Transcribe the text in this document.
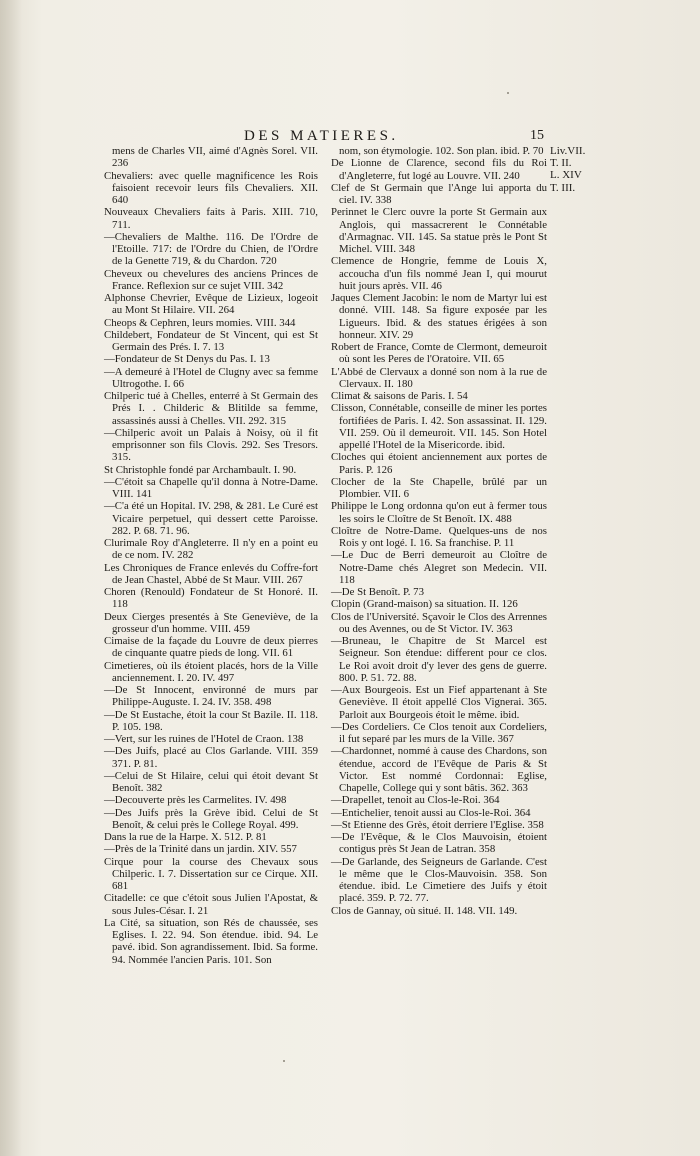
DES MATIERES.	15

mens de Charles VII, aimé d'Agnès Sorel. VII. 236

Chevaliers: avec quelle magnificence les Rois faisoient recevoir leurs fils Chevaliers. XII. 640

Nouveaux Chevaliers faits à Paris. XIII. 710, 711.

—Chevaliers de Malthe. 116. De l'Ordre de l'Etoille. 717: de l'Ordre du Chien, de l'Ordre de la Genette 719, & du Chardon. 720

Cheveux ou chevelures des anciens Princes de France. Reflexion sur ce sujet VIII. 342

Alphonse Chevrier, Evêque de Lizieux, logeoit au Mont St Hilaire. VII. 264

Cheops & Cephren, leurs momies. VIII. 344

Childebert, Fondateur de St Vincent, qui est St Germain des Prés. I. 7. 13

—Fondateur de St Denys du Pas. I. 13

—A demeuré à l'Hotel de Clugny avec sa femme Ultrogothe. I. 66

Chilperic tué à Chelles, enterré à St Germain des Prés I. . Childeric & Blitilde sa femme, assassinés aussi à Chelles. VII. 292. 315

—Chilperic avoit un Palais à Noisy, où il fit emprisonner son fils Clovis. 292. Ses Tresors. 315.

St Christophle fondé par Archambault. I. 90.

—C'étoit sa Chapelle qu'il donna à Notre-Dame. VIII. 141

—C'a été un Hopital. IV. 298, & 281. Le Curé est Vicaire perpetuel, qui dessert cette Paroisse. 282. P. 68. 71. 96.

Clurimale Roy d'Angleterre. Il n'y en a point eu de ce nom. IV. 282

Les Chroniques de France enlevés du Coffre-fort de Jean Chastel, Abbé de St Maur. VIII. 267

Choren (Renould) Fondateur de St Honoré. II. 118

Deux Cierges presentés à Ste Geneviève, de la grosseur d'un homme. VIII. 459

Cimaise de la façade du Louvre de deux pierres de cinquante quatre pieds de long. VII. 61

Cimetieres, où ils étoient placés, hors de la Ville anciennement. I. 20. IV. 497

—De St Innocent, environné de murs par Philippe-Auguste. I. 24. IV. 358. 498

—De St Eustache, étoit la cour St Bazile. II. 118. P. 105. 198.

—Vert, sur les ruines de l'Hotel de Craon. 138

—Des Juifs, placé au Clos Garlande. VIII. 359 371. P. 81.

—Celui de St Hilaire, celui qui étoit devant St Benoît. 382

—Decouverte près les Carmelites. IV. 498

—Des Juifs près la Grève ibid. Celui de St Benoît, & celui près le College Royal. 499.

Dans la rue de la Harpe. X. 512. P. 81

—Près de la Trinité dans un jardin. XIV. 557

Cirque pour la course des Chevaux sous Chilperic. I. 7. Dissertation sur ce Cirque. XII. 681

Citadelle: ce que c'étoit sous Julien l'Apostat, & sous Jules-César. I. 21

La Cité, sa situation, son Rés de chaussée, ses Eglises. I. 22. 94. Son étendue. ibid. 94. Le pavé. ibid. Son agrandissement. Ibid. Sa forme. 94. Nommée l'ancien Paris. 101. Son

nom, son étymologie. 102. Son plan. ibid. P. 70

De Lionne de Clarence, second fils du Roi d'Angleterre, fut logé au Louvre. VII. 240

Clef de St Germain que l'Ange lui apporta du ciel. IV. 338

Perinnet le Clerc ouvre la porte St Germain aux Anglois, qui massacrerent le Connétable d'Armagnac. VII. 145. Sa statue près le Pont St Michel. VIII. 348

Clemence de Hongrie, femme de Louis X, accoucha d'un fils nommé Jean I, qui mourut huit jours après. VII. 46

Jaques Clement Jacobin: le nom de Martyr lui est donné. VIII. 148. Sa figure exposée par les Ligueurs. Ibid. & des statues érigées à son honneur. XIV. 29

Robert de France, Comte de Clermont, demeuroit où sont les Peres de l'Oratoire. VII. 65

L'Abbé de Clervaux a donné son nom à la rue de Clervaux. II. 180

Climat & saisons de Paris. I. 54

Clisson, Connétable, conseille de miner les portes fortifiées de Paris. I. 42. Son assassinat. II. 129. VII. 259. Où il demeuroit. VII. 145. Son Hotel appellé l'Hotel de la Misericorde. ibid.

Cloches qui étoient anciennement aux portes de Paris. P. 126

Clocher de la Ste Chapelle, brûlé par un Plombier. VII. 6

Philippe le Long ordonna qu'on eut à fermer tous les soirs le Cloître de St Benoît. IX. 488

Cloître de Notre-Dame. Quelques-uns de nos Rois y ont logé. I. 16. Sa franchise. P. 11

—Le Duc de Berri demeuroit au Cloître de Notre-Dame chés Alegret son Medecin. VII. 118

—De St Benoît. P. 73

Clopin (Grand-maison) sa situation. II. 126

Clos de l'Université. Sçavoir le Clos des Arrennes ou des Avennes, ou de St Victor. IV. 363

—Bruneau, le Chapitre de St Marcel est Seigneur. Son étendue: different pour ce clos. Le Roi avoit droit d'y lever des gens de guerre. 800. P. 51. 72. 88.

—Aux Bourgeois. Est un Fief appartenant à Ste Geneviève. Il étoit appellé Clos Vignerai. 365. Parloit aux Bourgeois étoit le même. ibid.

—Des Cordeliers. Ce Clos tenoit aux Cordeliers, il fut separé par les murs de la Ville. 367

—Chardonnet, nommé à cause des Chardons, son étendue, accord de l'Evêque de Paris & St Victor. Est nommé Cordonnai: Eglise, Chapelle, College qui y sont bâtis. 362. 363

—Drapellet, tenoit au Clos-le-Roi. 364

—Entichelier, tenoit aussi au Clos-le-Roi. 364

—St Etienne des Grès, étoit derriere l'Eglise. 358

—De l'Evêque, & le Clos Mauvoisin, étoient contigus près St Jean de Latran. 358

—De Garlande, des Seigneurs de Garlande. C'est le même que le Clos-Mauvoisin. 358. Son étendue. ibid. Le Cimetiere des Juifs y étoit placé. 359. P. 72. 77.

Clos de Gannay, où situé. II. 148. VII. 149.

Liv.VII.
T. II.
L. XIV
T. III.
